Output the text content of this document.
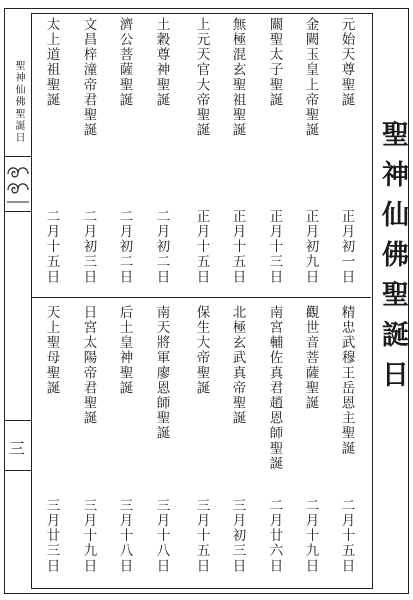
聖神仙佛聖誕日
三
聖神仙佛聖誕日
元始天尊聖誕
金闕玉皇上帝聖誕
關聖太子聖誕
無極混玄聖祖聖誕
上元天官大帝聖誕
土穀尊神聖誕
濟公菩薩聖誕
文昌梓潼帝君聖誕
太上道祖聖誕
正月初一日
正月初九日
正月十三日
正月十五日
正月十五日
二月初二日
二月初二日
二月初三日
二月十五日
精忠武穆王岳恩主聖誕
觀世音菩薩聖誕
南宮輔佐真君趙恩師聖誕
北極玄武真帝聖誕
保生大帝聖誕
南天將軍廖恩師聖誕
后土皇神聖誕
日宮太陽帝君聖誕
天上聖母聖誕
二月十五日
二月十九日
二月廿六日
三月初三日
三月十五日
三月十八日
三月十八日
三月十九日
三月廿三日
